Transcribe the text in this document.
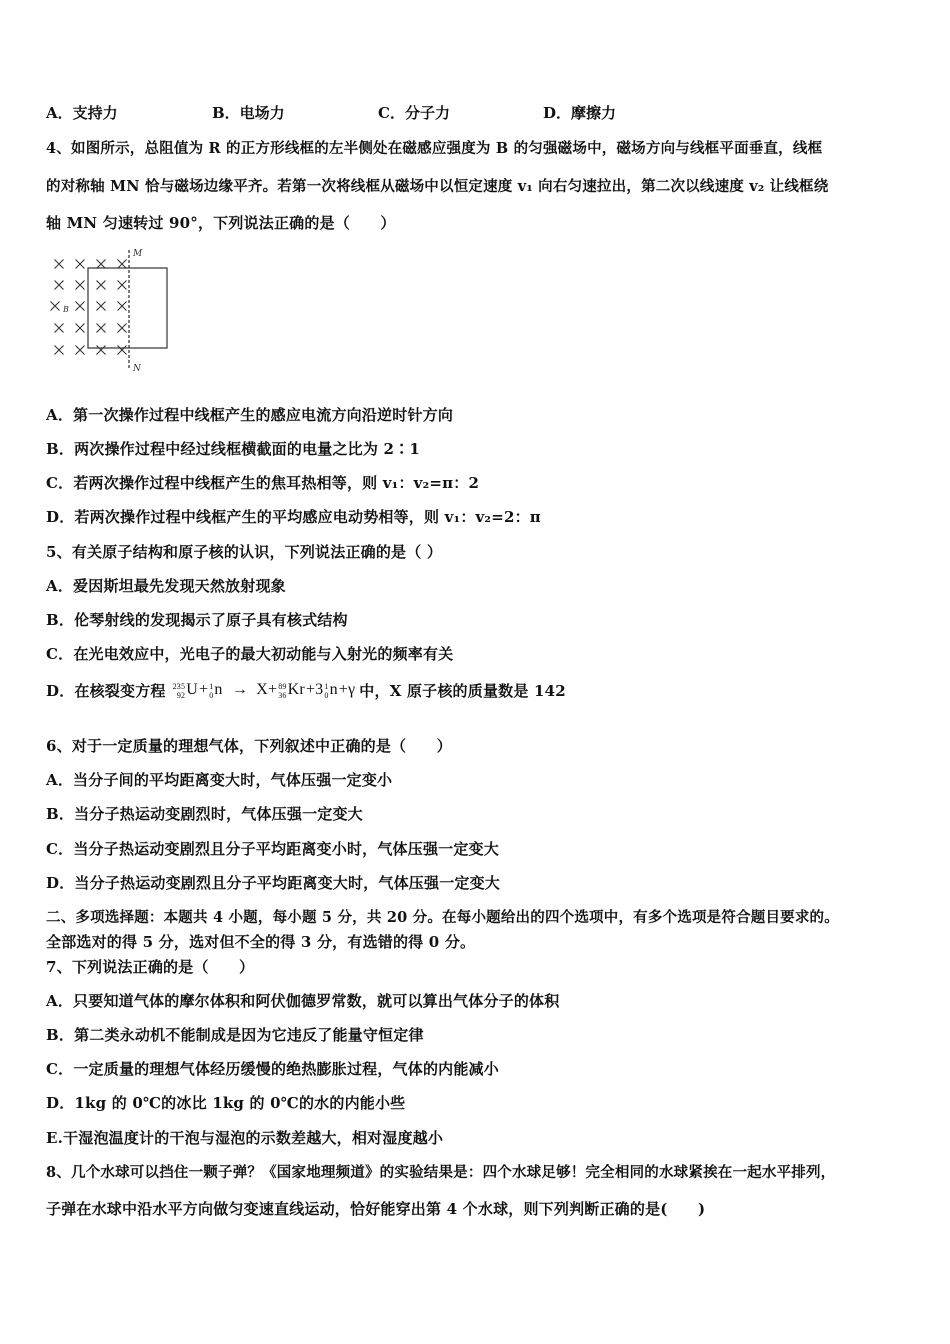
A．支持力	B．电场力	C．分子力	D．摩擦力
4、如图所示，总阻值为 R 的正方形线框的左半侧处在磁感应强度为 B 的匀强磁场中，磁场方向与线框平面垂直，线框
的对称轴 MN 恰与磁场边缘平齐。若第一次将线框从磁场中以恒定速度 v₁ 向右匀速拉出，第二次以线速度 v₂ 让线框绕
轴 MN 匀速转过 90°，下列说法正确的是（　　）
M
N
B
A．第一次操作过程中线框产生的感应电流方向沿逆时针方向
B．两次操作过程中经过线框横截面的电量之比为 2∶1
C．若两次操作过程中线框产生的焦耳热相等，则 v₁：v₂=π：2
D．若两次操作过程中线框产生的平均感应电动势相等，则 v₁：v₂=2：π
5、有关原子结构和原子核的认识，下列说法正确的是（ ）
A．爱因斯坦最先发现天然放射现象
B．伦琴射线的发现揭示了原子具有核式结构
C．在光电效应中，光电子的最大初动能与入射光的频率有关
D．在核裂变方程 235
92 U+ 1
0 n → X+ 89
36 Kr+3 1
0 n+γ 中，X 原子核的质量数是 142
6、对于一定质量的理想气体，下列叙述中正确的是（　　）
A．当分子间的平均距离变大时，气体压强一定变小
B．当分子热运动变剧烈时，气体压强一定变大
C．当分子热运动变剧烈且分子平均距离变小时，气体压强一定变大
D．当分子热运动变剧烈且分子平均距离变大时，气体压强一定变大
二、多项选择题：本题共 4 小题，每小题 5 分，共 20 分。在每小题给出的四个选项中，有多个选项是符合题目要求的。
全部选对的得 5 分，选对但不全的得 3 分，有选错的得 0 分。
7、下列说法正确的是（　　）
A．只要知道气体的摩尔体积和阿伏伽德罗常数，就可以算出气体分子的体积
B．第二类永动机不能制成是因为它违反了能量守恒定律
C．一定质量的理想气体经历缓慢的绝热膨胀过程，气体的内能减小
D．1kg 的 0℃的冰比 1kg 的 0℃的水的内能小些
E.干湿泡温度计的干泡与湿泡的示数差越大，相对湿度越小
8、几个水球可以挡住一颗子弹？《国家地理频道》的实验结果是：四个水球足够！完全相同的水球紧挨在一起水平排列，
子弹在水球中沿水平方向做匀变速直线运动，恰好能穿出第 4 个水球，则下列判断正确的是(　　)
